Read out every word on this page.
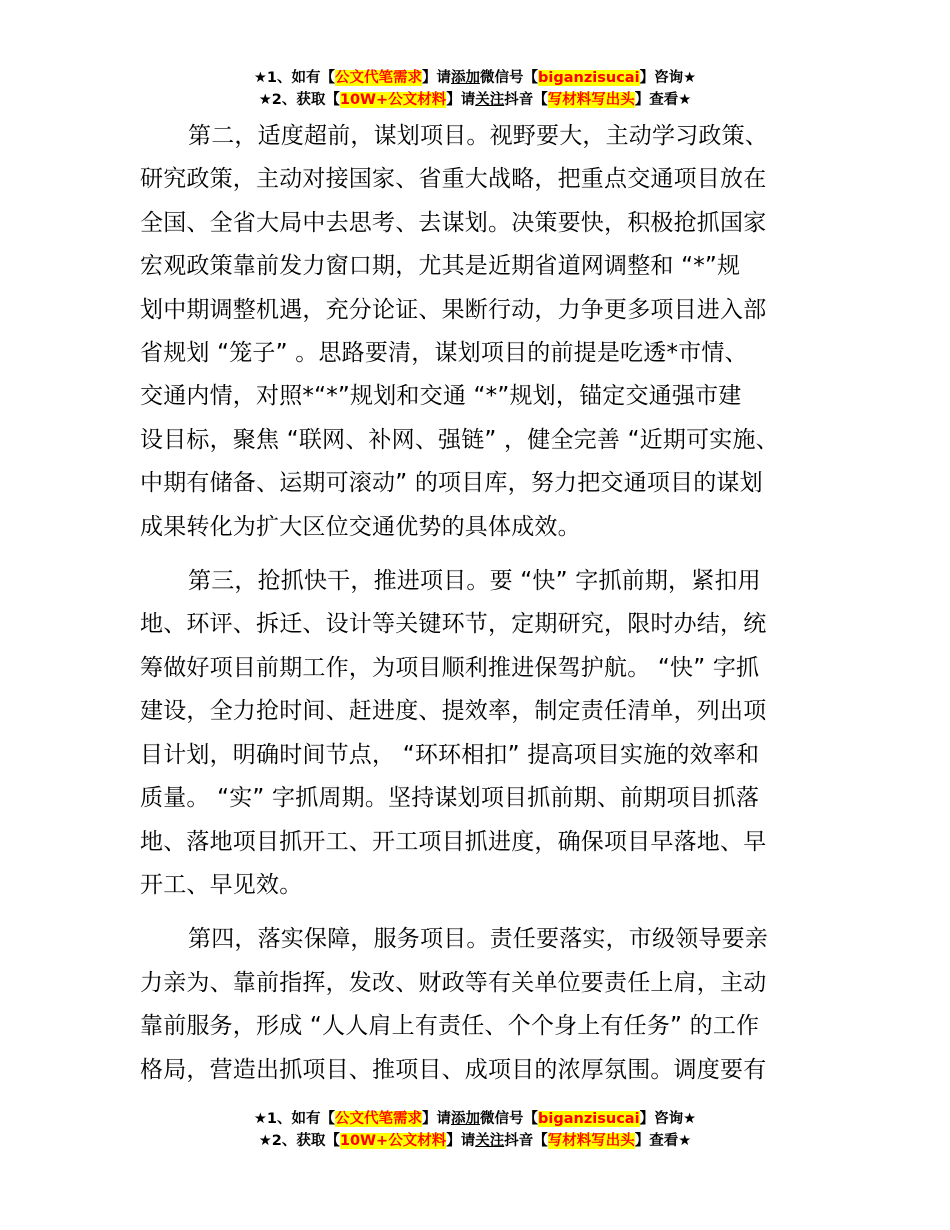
★1、如有【公文代笔需求】请添加微信号【biganzisucai】咨询★
★2、获取【10W+公文材料】请关注抖音【写材料写出头】查看★
第二，适度超前，谋划项目。视野要大，主动学习政策、
研究政策，主动对接国家、省重大战略，把重点交通项目放在
全国、全省大局中去思考、去谋划。决策要快，积极抢抓国家
宏观政策靠前发力窗口期，尤其是近期省道网调整和 “*”规
划中期调整机遇，充分论证、果断行动，力争更多项目进入部
省规划 “笼子” 。思路要清，谋划项目的前提是吃透*市情、
交通内情，对照*“*”规划和交通 “*”规划，锚定交通强市建
设目标，聚焦 “联网、补网、强链” ，健全完善 “近期可实施、
中期有储备、运期可滚动” 的项目库，努力把交通项目的谋划
成果转化为扩大区位交通优势的具体成效。
第三，抢抓快干，推进项目。要 “快” 字抓前期，紧扣用
地、环评、拆迁、设计等关键环节，定期研究，限时办结，统
筹做好项目前期工作，为项目顺利推进保驾护航。 “快” 字抓
建设，全力抢时间、赶进度、提效率，制定责任清单，列出项
目计划，明确时间节点， “环环相扣” 提高项目实施的效率和
质量。 “实” 字抓周期。坚持谋划项目抓前期、前期项目抓落
地、落地项目抓开工、开工项目抓进度，确保项目早落地、早
开工、早见效。
第四，落实保障，服务项目。责任要落实，市级领导要亲
力亲为、靠前指挥，发改、财政等有关单位要责任上肩，主动
靠前服务，形成 “人人肩上有责任、个个身上有任务” 的工作
格局，营造出抓项目、推项目、成项目的浓厚氛围。调度要有
★1、如有【公文代笔需求】请添加微信号【biganzisucai】咨询★
★2、获取【10W+公文材料】请关注抖音【写材料写出头】查看★
